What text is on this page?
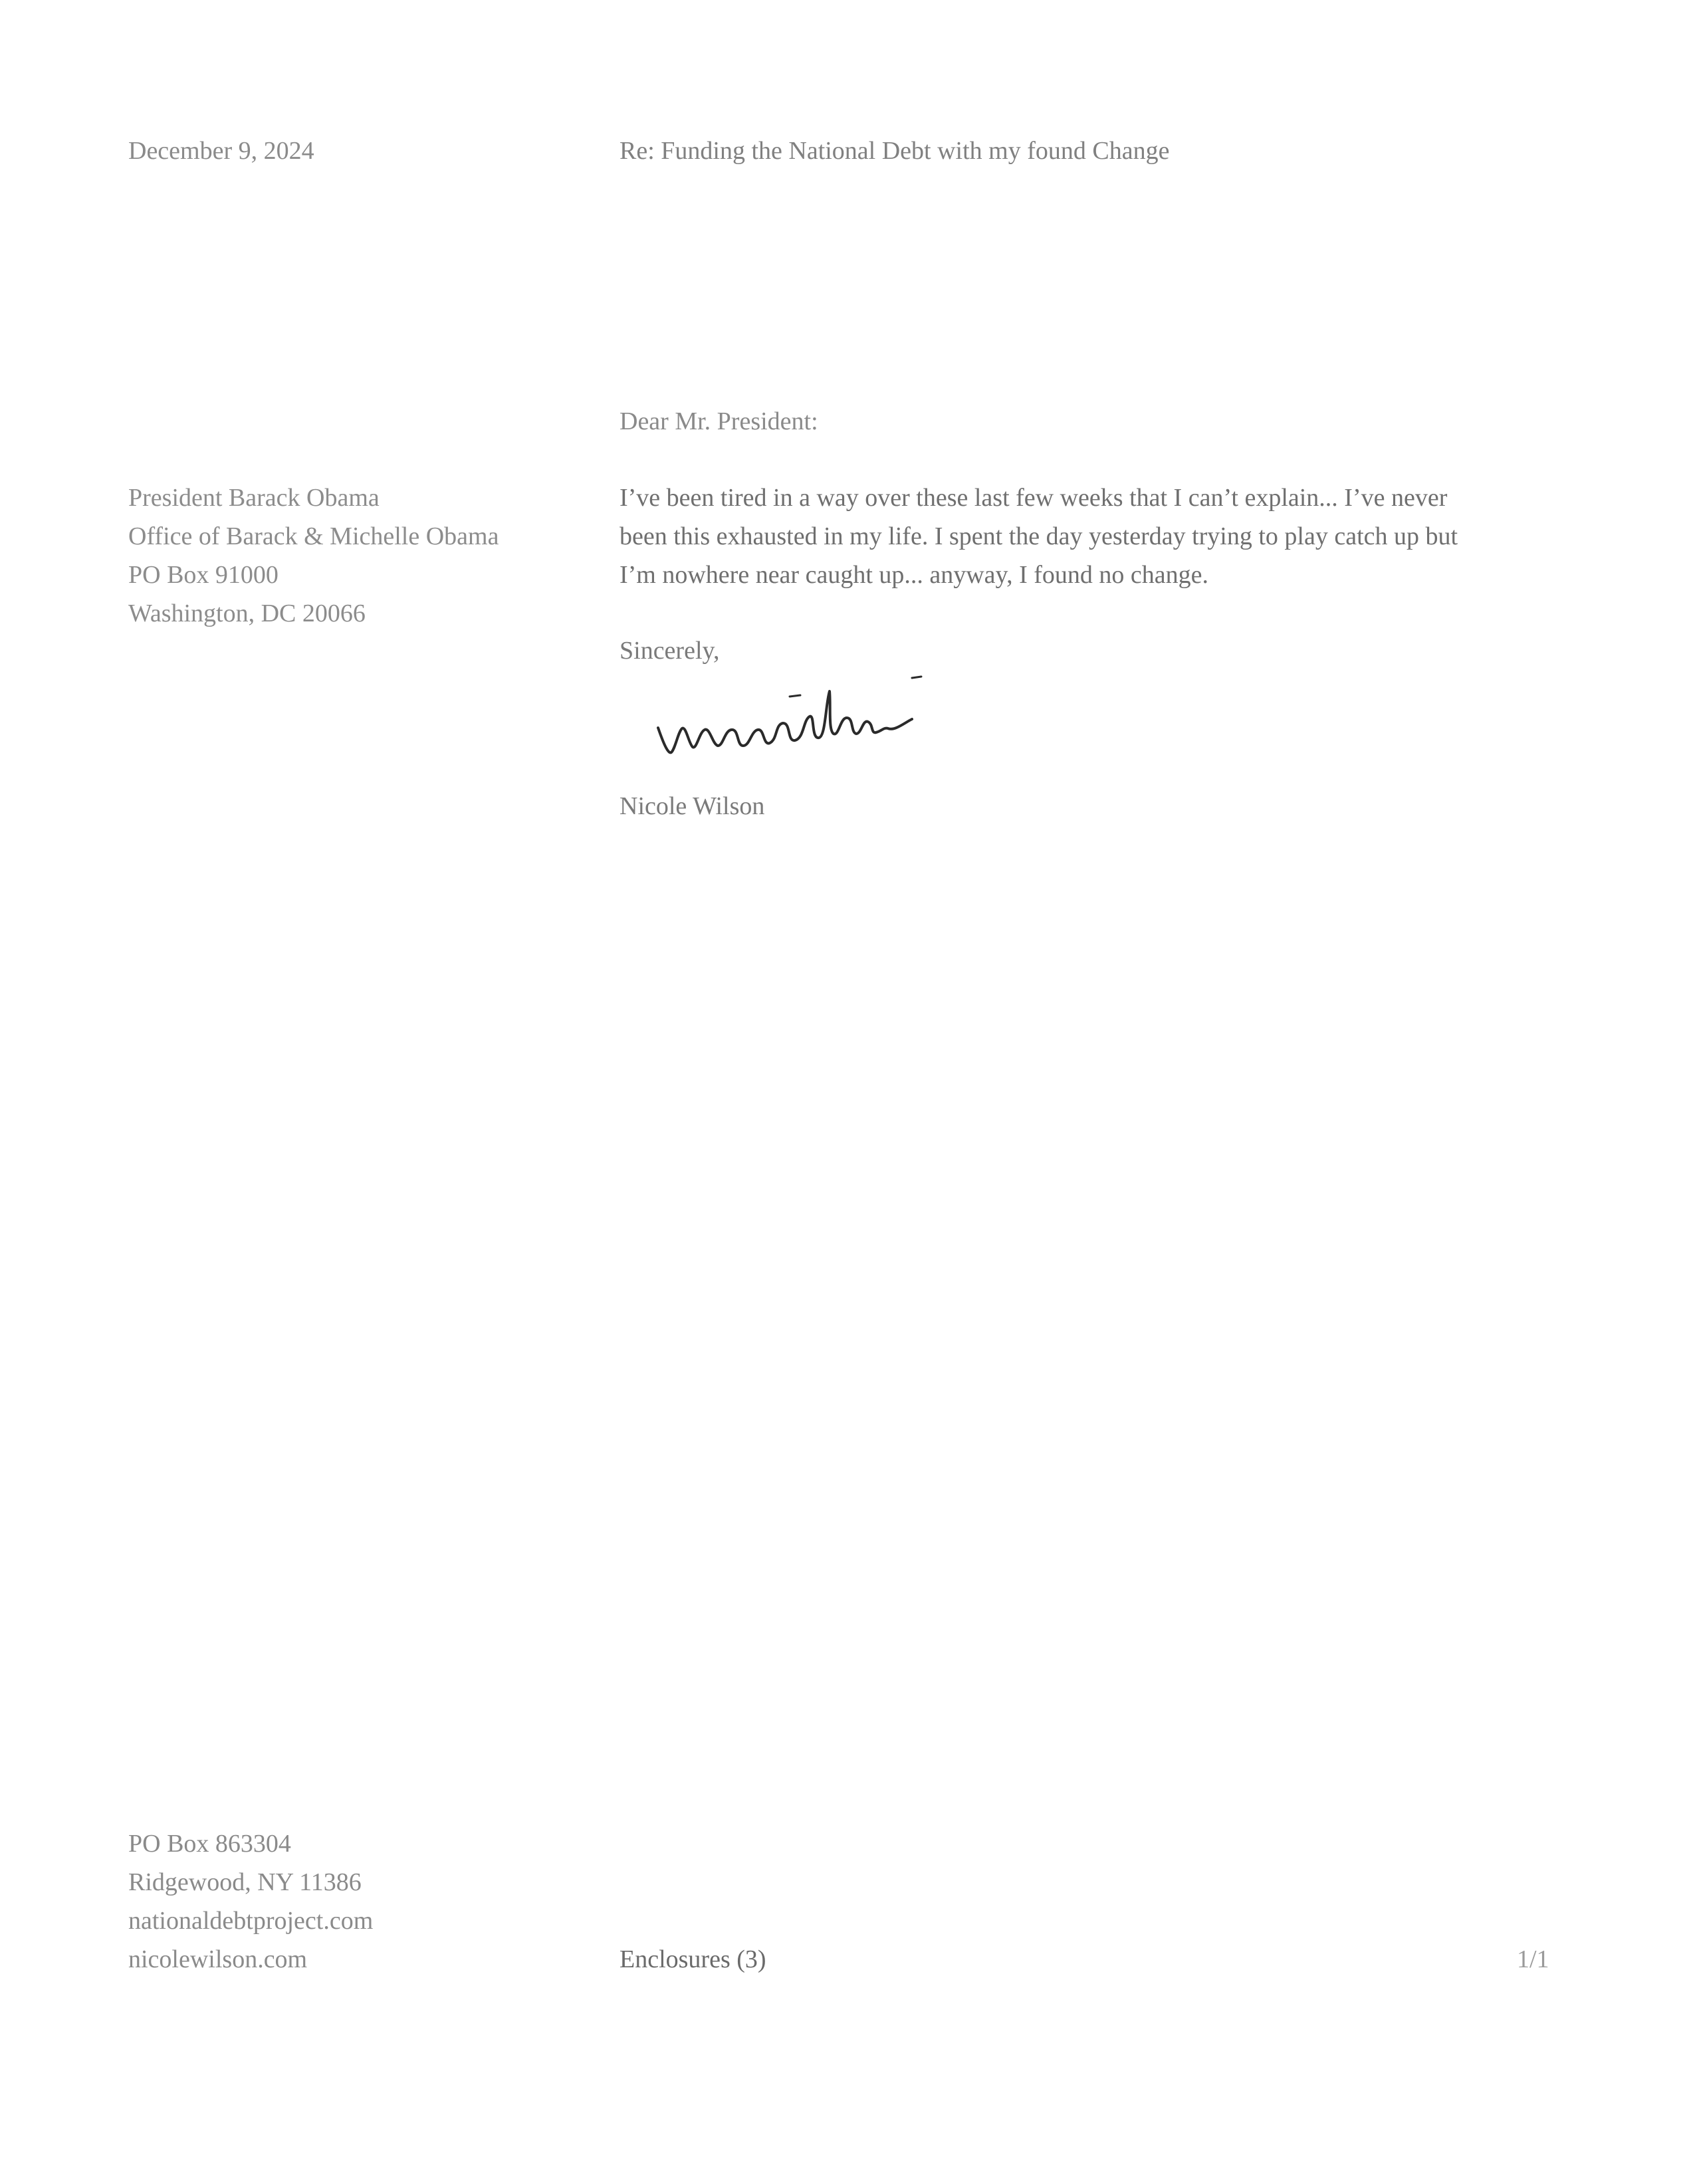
December 9, 2024	Re: Funding the National Debt with my found Change
Dear Mr. President:
President Barack Obama
Office of Barack & Michelle Obama
PO Box 91000
Washington, DC 20066
I’ve been tired in a way over these last few weeks that I can’t explain... I’ve never
been this exhausted in my life. I spent the day yesterday trying to play catch up but
I’m nowhere near caught up... anyway, I found no change.
Sincerely,
Nicole Wilson
PO Box 863304
Ridgewood, NY 11386
nationaldebtproject.com
nicolewilson.com	Enclosures (3)	1/1
